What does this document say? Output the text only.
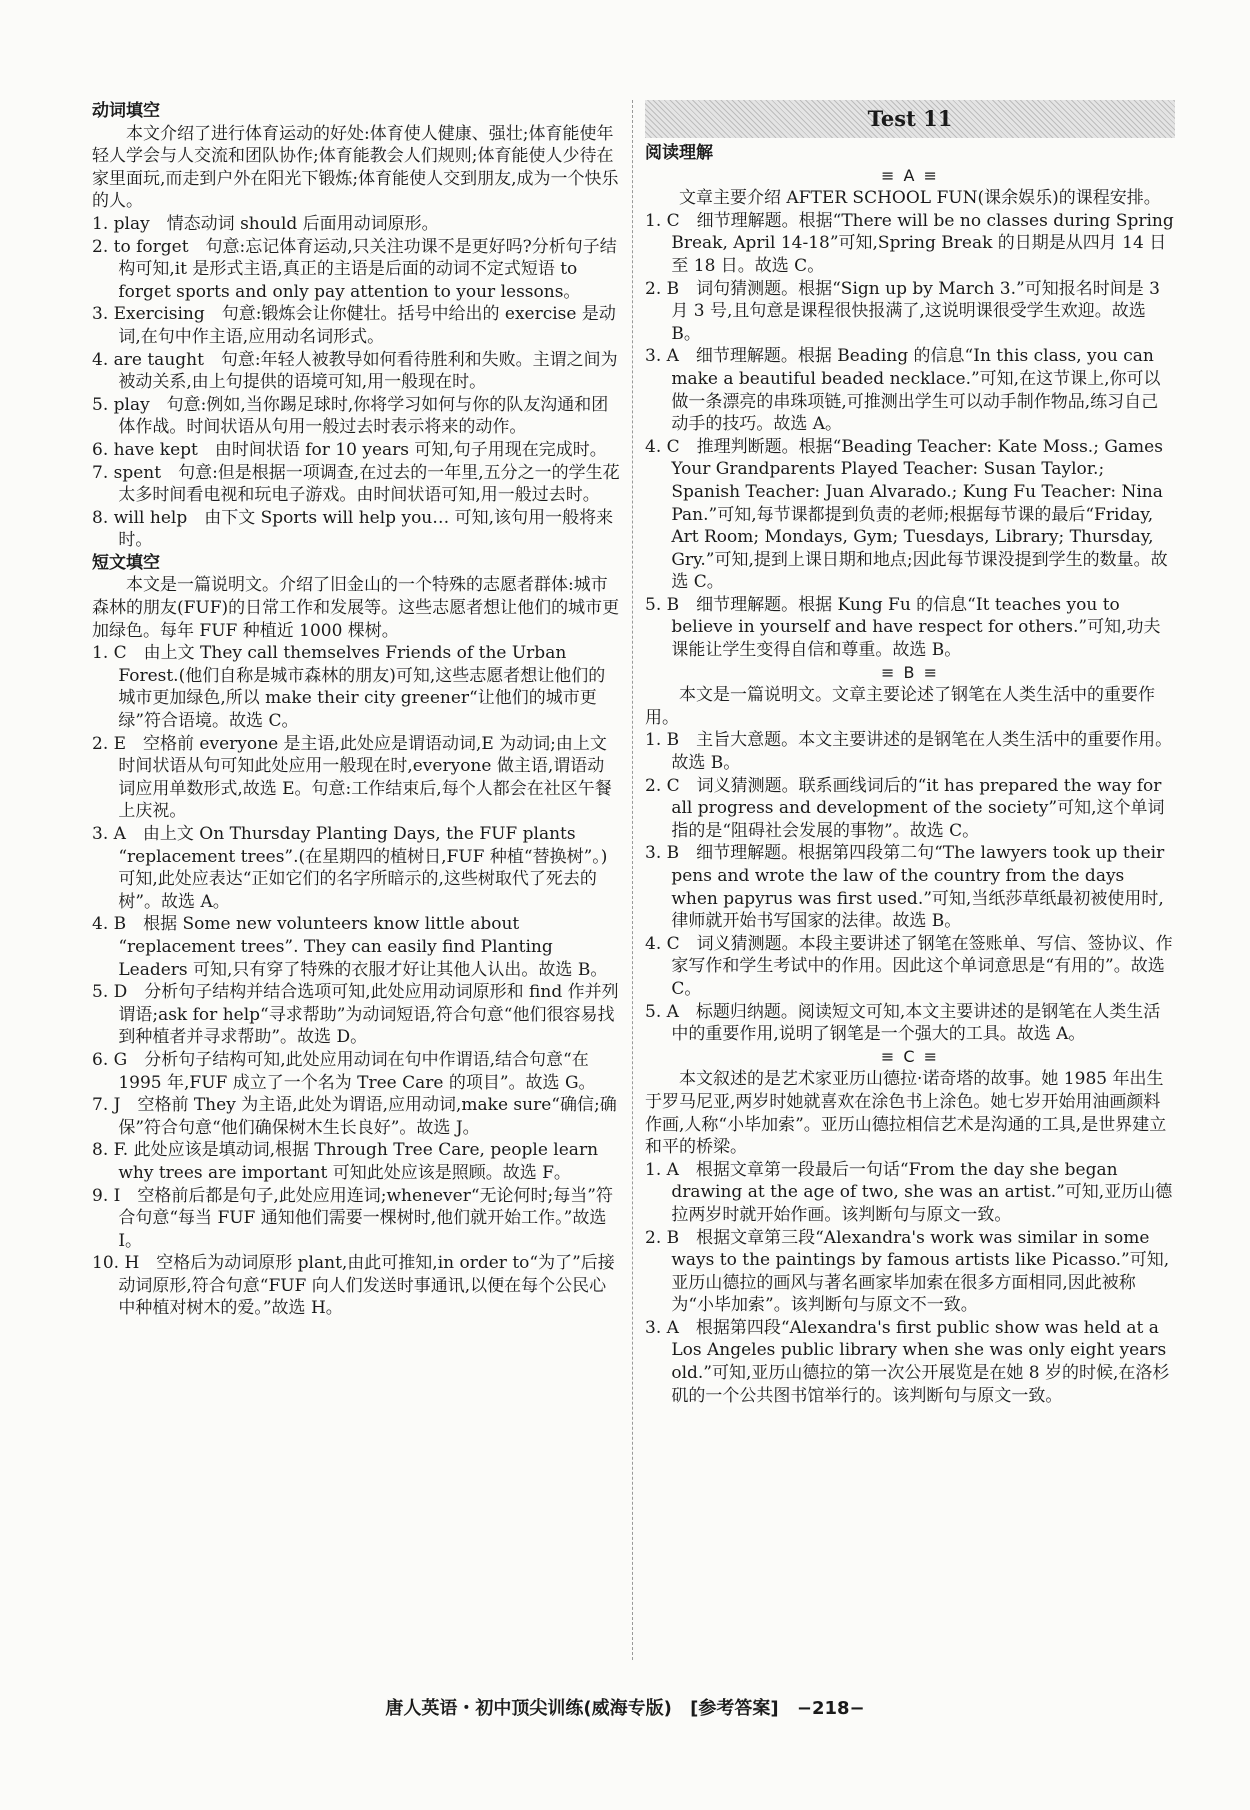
动词填空

本文介绍了进行体育运动的好处:体育使人健康、强壮;体育能使年轻人学会与人交流和团队协作;体育能教会人们规则;体育能使人少待在家里面玩,而走到户外在阳光下锻炼;体育能使人交到朋友,成为一个快乐的人。

1. play　情态动词 should 后面用动词原形。

2. to forget　句意:忘记体育运动,只关注功课不是更好吗?分析句子结构可知,it 是形式主语,真正的主语是后面的动词不定式短语 to forget sports and only pay attention to your lessons。

3. Exercising　句意:锻炼会让你健壮。括号中给出的 exercise 是动词,在句中作主语,应用动名词形式。

4. are taught　句意:年轻人被教导如何看待胜利和失败。主谓之间为被动关系,由上句提供的语境可知,用一般现在时。

5. play　句意:例如,当你踢足球时,你将学习如何与你的队友沟通和团体作战。时间状语从句用一般过去时表示将来的动作。

6. have kept　由时间状语 for 10 years 可知,句子用现在完成时。

7. spent　句意:但是根据一项调查,在过去的一年里,五分之一的学生花太多时间看电视和玩电子游戏。由时间状语可知,用一般过去时。

8. will help　由下文 Sports will help you… 可知,该句用一般将来时。

短文填空

本文是一篇说明文。介绍了旧金山的一个特殊的志愿者群体:城市森林的朋友(FUF)的日常工作和发展等。这些志愿者想让他们的城市更加绿色。每年 FUF 种植近 1000 棵树。

1. C　由上文 They call themselves Friends of the Urban Forest.(他们自称是城市森林的朋友)可知,这些志愿者想让他们的城市更加绿色,所以 make their city greener“让他们的城市更绿”符合语境。故选 C。

2. E　空格前 everyone 是主语,此处应是谓语动词,E 为动词;由上文时间状语从句可知此处应用一般现在时,everyone 做主语,谓语动词应用单数形式,故选 E。句意:工作结束后,每个人都会在社区午餐上庆祝。

3. A　由上文 On Thursday Planting Days, the FUF plants “replacement trees”.(在星期四的植树日,FUF 种植“替换树”。)可知,此处应表达“正如它们的名字所暗示的,这些树取代了死去的树”。故选 A。

4. B　根据 Some new volunteers know little about “replacement trees”. They can easily find Planting Leaders 可知,只有穿了特殊的衣服才好让其他人认出。故选 B。

5. D　分析句子结构并结合选项可知,此处应用动词原形和 find 作并列谓语;ask for help“寻求帮助”为动词短语,符合句意“他们很容易找到种植者并寻求帮助”。故选 D。

6. G　分析句子结构可知,此处应用动词在句中作谓语,结合句意“在 1995 年,FUF 成立了一个名为 Tree Care 的项目”。故选 G。

7. J　空格前 They 为主语,此处为谓语,应用动词,make sure“确信;确保”符合句意“他们确保树木生长良好”。故选 J。

8. F. 此处应该是填动词,根据 Through Tree Care, people learn why trees are important 可知此处应该是照顾。故选 F。

9. I　空格前后都是句子,此处应用连词;whenever“无论何时;每当”符合句意“每当 FUF 通知他们需要一棵树时,他们就开始工作。”故选 I。

10. H　空格后为动词原形 plant,由此可推知,in order to“为了”后接动词原形,符合句意“FUF 向人们发送时事通讯,以便在每个公民心中种植对树木的爱。”故选 H。

Test 11

阅读理解

≡ A ≡

文章主要介绍 AFTER SCHOOL FUN(课余娱乐)的课程安排。

1. C　细节理解题。根据“There will be no classes during Spring Break, April 14-18”可知,Spring Break 的日期是从四月 14 日至 18 日。故选 C。

2. B　词句猜测题。根据“Sign up by March 3.”可知报名时间是 3 月 3 号,且句意是课程很快报满了,这说明课很受学生欢迎。故选 B。

3. A　细节理解题。根据 Beading 的信息“In this class, you can make a beautiful beaded necklace.”可知,在这节课上,你可以做一条漂亮的串珠项链,可推测出学生可以动手制作物品,练习自己动手的技巧。故选 A。

4. C　推理判断题。根据“Beading Teacher: Kate Moss.; Games Your Grandparents Played Teacher: Susan Taylor.; Spanish Teacher: Juan Alvarado.; Kung Fu Teacher: Nina Pan.”可知,每节课都提到负责的老师;根据每节课的最后“Friday, Art Room; Mondays, Gym; Tuesdays, Library; Thursday, Gry.”可知,提到上课日期和地点;因此每节课没提到学生的数量。故选 C。

5. B　细节理解题。根据 Kung Fu 的信息“It teaches you to believe in yourself and have respect for others.”可知,功夫课能让学生变得自信和尊重。故选 B。

≡ B ≡

本文是一篇说明文。文章主要论述了钢笔在人类生活中的重要作用。

1. B　主旨大意题。本文主要讲述的是钢笔在人类生活中的重要作用。故选 B。

2. C　词义猜测题。联系画线词后的“it has prepared the way for all progress and development of the society”可知,这个单词指的是“阻碍社会发展的事物”。故选 C。

3. B　细节理解题。根据第四段第二句“The lawyers took up their pens and wrote the law of the country from the days when papyrus was first used.”可知,当纸莎草纸最初被使用时,律师就开始书写国家的法律。故选 B。

4. C　词义猜测题。本段主要讲述了钢笔在签账单、写信、签协议、作家写作和学生考试中的作用。因此这个单词意思是“有用的”。故选 C。

5. A　标题归纳题。阅读短文可知,本文主要讲述的是钢笔在人类生活中的重要作用,说明了钢笔是一个强大的工具。故选 A。

≡ C ≡

本文叙述的是艺术家亚历山德拉·诺奇塔的故事。她 1985 年出生于罗马尼亚,两岁时她就喜欢在涂色书上涂色。她七岁开始用油画颜料作画,人称“小毕加索”。亚历山德拉相信艺术是沟通的工具,是世界建立和平的桥梁。

1. A　根据文章第一段最后一句话“From the day she began drawing at the age of two, she was an artist.”可知,亚历山德拉两岁时就开始作画。该判断句与原文一致。

2. B　根据文章第三段“Alexandra's work was similar in some ways to the paintings by famous artists like Picasso.”可知,亚历山德拉的画风与著名画家毕加索在很多方面相同,因此被称为“小毕加索”。该判断句与原文不一致。

3. A　根据第四段“Alexandra's first public show was held at a Los Angeles public library when she was only eight years old.”可知,亚历山德拉的第一次公开展览是在她 8 岁的时候,在洛杉矶的一个公共图书馆举行的。该判断句与原文一致。

唐人英语・初中顶尖训练(威海专版) [参考答案] −218−
